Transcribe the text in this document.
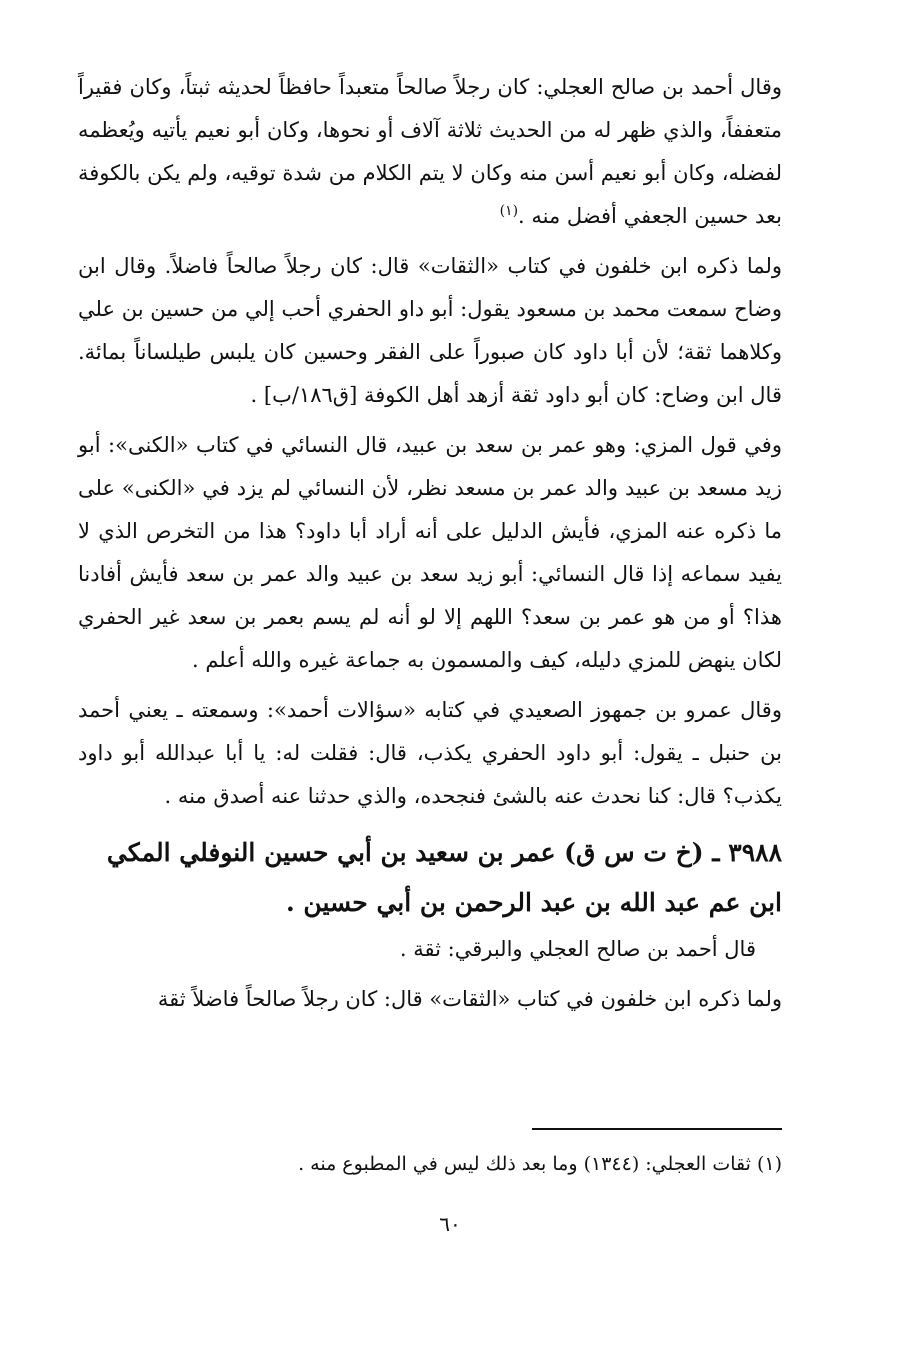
وقال أحمد بن صالح العجلي: كان رجلاً صالحاً متعبداً حافظاً لحديثه ثبتاً، وكان فقيراً متعففاً، والذي ظهر له من الحديث ثلاثة آلاف أو نحوها، وكان أبو نعيم يأتيه ويُعظمه لفضله، وكان أبو نعيم أسن منه وكان لا يتم الكلام من شدة توقيه، ولم يكن بالكوفة بعد حسين الجعفي أفضل منه .$^{(١)}$

ولما ذكره ابن خلفون في كتاب «الثقات» قال: كان رجلاً صالحاً فاضلاً. وقال ابن وضاح سمعت محمد بن مسعود يقول: أبو داو الحفري أحب إلي من حسين بن علي وكلاهما ثقة؛ لأن أبا داود كان صبوراً على الفقر وحسين كان يلبس طيلساناً بمائة. قال ابن وضاح: كان أبو داود ثقة أزهد أهل الكوفة [ق١٨٦/ب] .

وفي قول المزي: وهو عمر بن سعد بن عبيد، قال النسائي في كتاب «الكنى»: أبو زيد مسعد بن عبيد والد عمر بن مسعد نظر، لأن النسائي لم يزد في «الكنى» على ما ذكره عنه المزي، فأيش الدليل على أنه أراد أبا داود؟ هذا من التخرص الذي لا يفيد سماعه إذا قال النسائي: أبو زيد سعد بن عبيد والد عمر بن سعد فأيش أفادنا هذا؟ أو من هو عمر بن سعد؟ اللهم إلا لو أنه لم يسم بعمر بن سعد غير الحفري لكان ينهض للمزي دليله، كيف والمسمون به جماعة غيره والله أعلم .

وقال عمرو بن جمهوز الصعيدي في كتابه «سؤالات أحمد»: وسمعته ـ يعني أحمد بن حنبل ـ يقول: أبو داود الحفري يكذب، قال: فقلت له: يا أبا عبدالله أبو داود يكذب؟ قال: كنا نحدث عنه بالشئ فنجحده، والذي حدثنا عنه أصدق منه .

٣٩٨٨ ـ (خ ت س ق) عمر بن سعيد بن أبي حسين النوفلي المكي ابن عم عبد الله بن عبد الرحمن بن أبي حسين .

قال أحمد بن صالح العجلي والبرقي: ثقة .

ولما ذكره ابن خلفون في كتاب «الثقات» قال: كان رجلاً صالحاً فاضلاً ثقة

(١) ثقات العجلي: (١٣٤٤) وما بعد ذلك ليس في المطبوع منه .
٦٠
